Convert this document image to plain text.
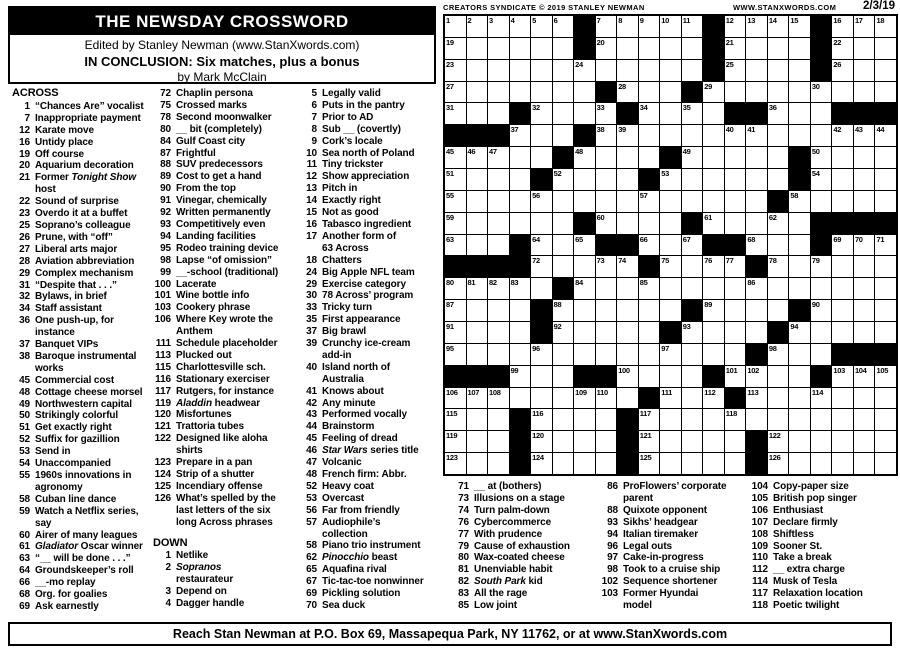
THE NEWSDAY CROSSWORD
Edited by Stanley Newman (www.StanXwords.com)
IN CONCLUSION: Six matches, plus a bonus
by Mark McClain
CREATORS SYNDICATE © 2019 STANLEY NEWMAN	WWW.STANXWORDS.COM 2/3/19
1 2 3 4 5 6	7 8 9 10 11	12 13 14 15	16 17 18
19	20	21	22
23	24	25	26
27	28	29	30
31	32	33	34	35	36
37	38 39	40 41	42 43 44
45 46 47	48	49	50
51	52	53	54
55	56	57	58
59	60	61	62
63	64	65	66	67	68	69 70 71
72	73 74	75	76 77	78	79
80 81 82 83	84	85	86
87	88	89	90
91	92	93	94
95	96	97	98
99	100	101 102	103 104 105
106 107 108	109 110	111	112	113	114
115	116	117	118
119	120	121	122
123	124	125	126
ACROSS
1 “Chances Are” vocalist
7 Inappropriate payment
12 Karate move
16 Untidy place
19 Off course
20 Aquarium decoration
21 Former Tonight Show
host
22 Sound of surprise
23 Overdo it at a buffet
25 Soprano’s colleague
26 Prune, with “off”
27 Liberal arts major
28 Aviation abbreviation
29 Complex mechanism
31 “Despite that . . .”
32 Bylaws, in brief
34 Staff assistant
36 One push-up, for
instance
37 Banquet VIPs
38 Baroque instrumental
works
45 Commercial cost
48 Cottage cheese morsel
49 Northwestern capital
50 Strikingly colorful
51 Get exactly right
52 Suffix for gazillion
53 Send in
54 Unaccompanied
55 1960s innovations in
agronomy
58 Cuban line dance
59 Watch a Netflix series,
say
60 Airer of many leagues
61 Gladiator Oscar winner
63 “__ will be done . . .”
64 Groundskeeper’s roll
66 __-mo replay
68 Org. for goalies
69 Ask earnestly
72 Chaplin persona
75 Crossed marks
78 Second moonwalker
80 __ bit (completely)
84 Gulf Coast city
87 Frightful
88 SUV predecessors
89 Cost to get a hand
90 From the top
91 Vinegar, chemically
92 Written permanently
93 Competitively even
94 Landing facilities
95 Rodeo training device
98 Lapse “of omission”
99 __-school (traditional)
100 Lacerate
101 Wine bottle info
103 Cookery phrase
106 Where Key wrote the
Anthem
111 Schedule placeholder
113 Plucked out
115 Charlottesville sch.
116 Stationary exerciser
117 Rutgers, for instance
119 Aladdin headwear
120 Misfortunes
121 Trattoria tubes
122 Designed like aloha
shirts
123 Prepare in a pan
124 Strip of a shutter
125 Incendiary offense
126 What’s spelled by the last letters of the six long Across phrases
DOWN
1 Netlike
2 Sopranos
restaurateur
3 Depend on
4 Dagger handle
5 Legally valid
6 Puts in the pantry
7 Prior to AD
8 Sub __ (covertly)
9 Cork’s locale
10 Sea north of Poland
11 Tiny trickster
12 Show appreciation
13 Pitch in
14 Exactly right
15 Not as good
16 Tabasco ingredient
17 Another form of
63 Across
18 Chatters
24 Big Apple NFL team
29 Exercise category
30 78 Across’ program
33 Tricky turn
35 First appearance
37 Big brawl
39 Crunchy ice-cream
add-in
40 Island north of
Australia
41 Knows about
42 Any minute
43 Performed vocally
44 Brainstorm
45 Feeling of dread
46 Star Wars series title
47 Volcanic
48 French firm: Abbr.
52 Heavy coat
53 Overcast
56 Far from friendly
57 Audiophile’s
collection
58 Piano trio instrument
62 Pinocchio beast
65 Aquafina rival
67 Tic-tac-toe nonwinner
69 Pickling solution
70 Sea duck
71 __ at (bothers)
73 Illusions on a stage
74 Turn palm-down
76 Cybercommerce
77 With prudence
79 Cause of exhaustion
80 Wax-coated cheese
81 Unenviable habit
82 South Park kid
83 All the rage
85 Low joint
86 ProFlowers’ corporate
parent
88 Quixote opponent
93 Sikhs’ headgear
94 Italian tiremaker
96 Legal outs
97 Cake-in-progress
98 Took to a cruise ship
102 Sequence shortener
103 Former Hyundai
model
104 Copy-paper size
105 British pop singer
106 Enthusiast
107 Declare firmly
108 Shiftless
109 Sooner St.
110 Take a break
112 __ extra charge
114 Musk of Tesla
117 Relaxation location
118 Poetic twilight
Reach Stan Newman at P.O. Box 69, Massapequa Park, NY 11762, or at www.StanXwords.com
